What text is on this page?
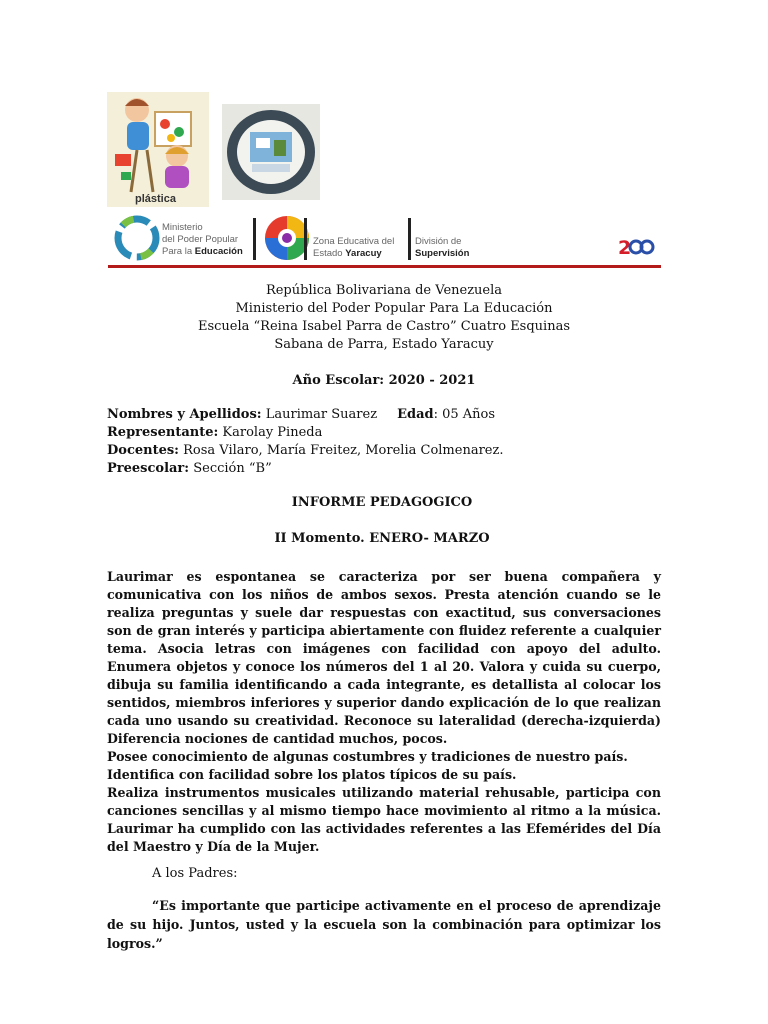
plástica
Ministerio
del Poder Popular
Para la Educación
Zona Educativa del
Estado Yaracuy
División de
Supervisión	2
República Bolivariana de Venezuela
Ministerio del Poder Popular Para La Educación
Escuela “Reina Isabel Parra de Castro” Cuatro Esquinas
Sabana de Parra, Estado Yaracuy
Año Escolar: 2020 - 2021
Nombres y Apellidos: Laurimar Suarez Edad: 05 Años
Representante: Karolay Pineda
Docentes: Rosa Vilaro, María Freitez, Morelia Colmenarez.
Preescolar: Sección “B”
INFORME PEDAGOGICO
II Momento. ENERO- MARZO

Laurimar es espontanea se caracteriza por ser buena compañera y comunicativa con los niños de ambos sexos. Presta atención cuando se le realiza preguntas y suele dar respuestas con exactitud, sus conversaciones son de gran interés y participa abiertamente con fluidez referente a cualquier tema. Asocia letras con imágenes con facilidad con apoyo del adulto. Enumera objetos y conoce los números del 1 al 20. Valora y cuida su cuerpo, dibuja su familia identificando a cada integrante, es detallista al colocar los sentidos, miembros inferiores y superior dando explicación de lo que realizan cada uno usando su creatividad. Reconoce su lateralidad (derecha-izquierda) Diferencia nociones de cantidad muchos, pocos.

Posee conocimiento de algunas costumbres y tradiciones de nuestro país.

Identifica con facilidad sobre los platos típicos de su país.

Realiza instrumentos musicales utilizando material rehusable, participa con canciones sencillas y al mismo tiempo hace movimiento al ritmo a la música. Laurimar ha cumplido con las actividades referentes a las Efemérides del Día del Maestro y Día de la Mujer.

A los Padres:
“Es importante que participe activamente en el proceso de aprendizaje de su hijo. Juntos, usted y la escuela son la combinación para optimizar los logros.”
